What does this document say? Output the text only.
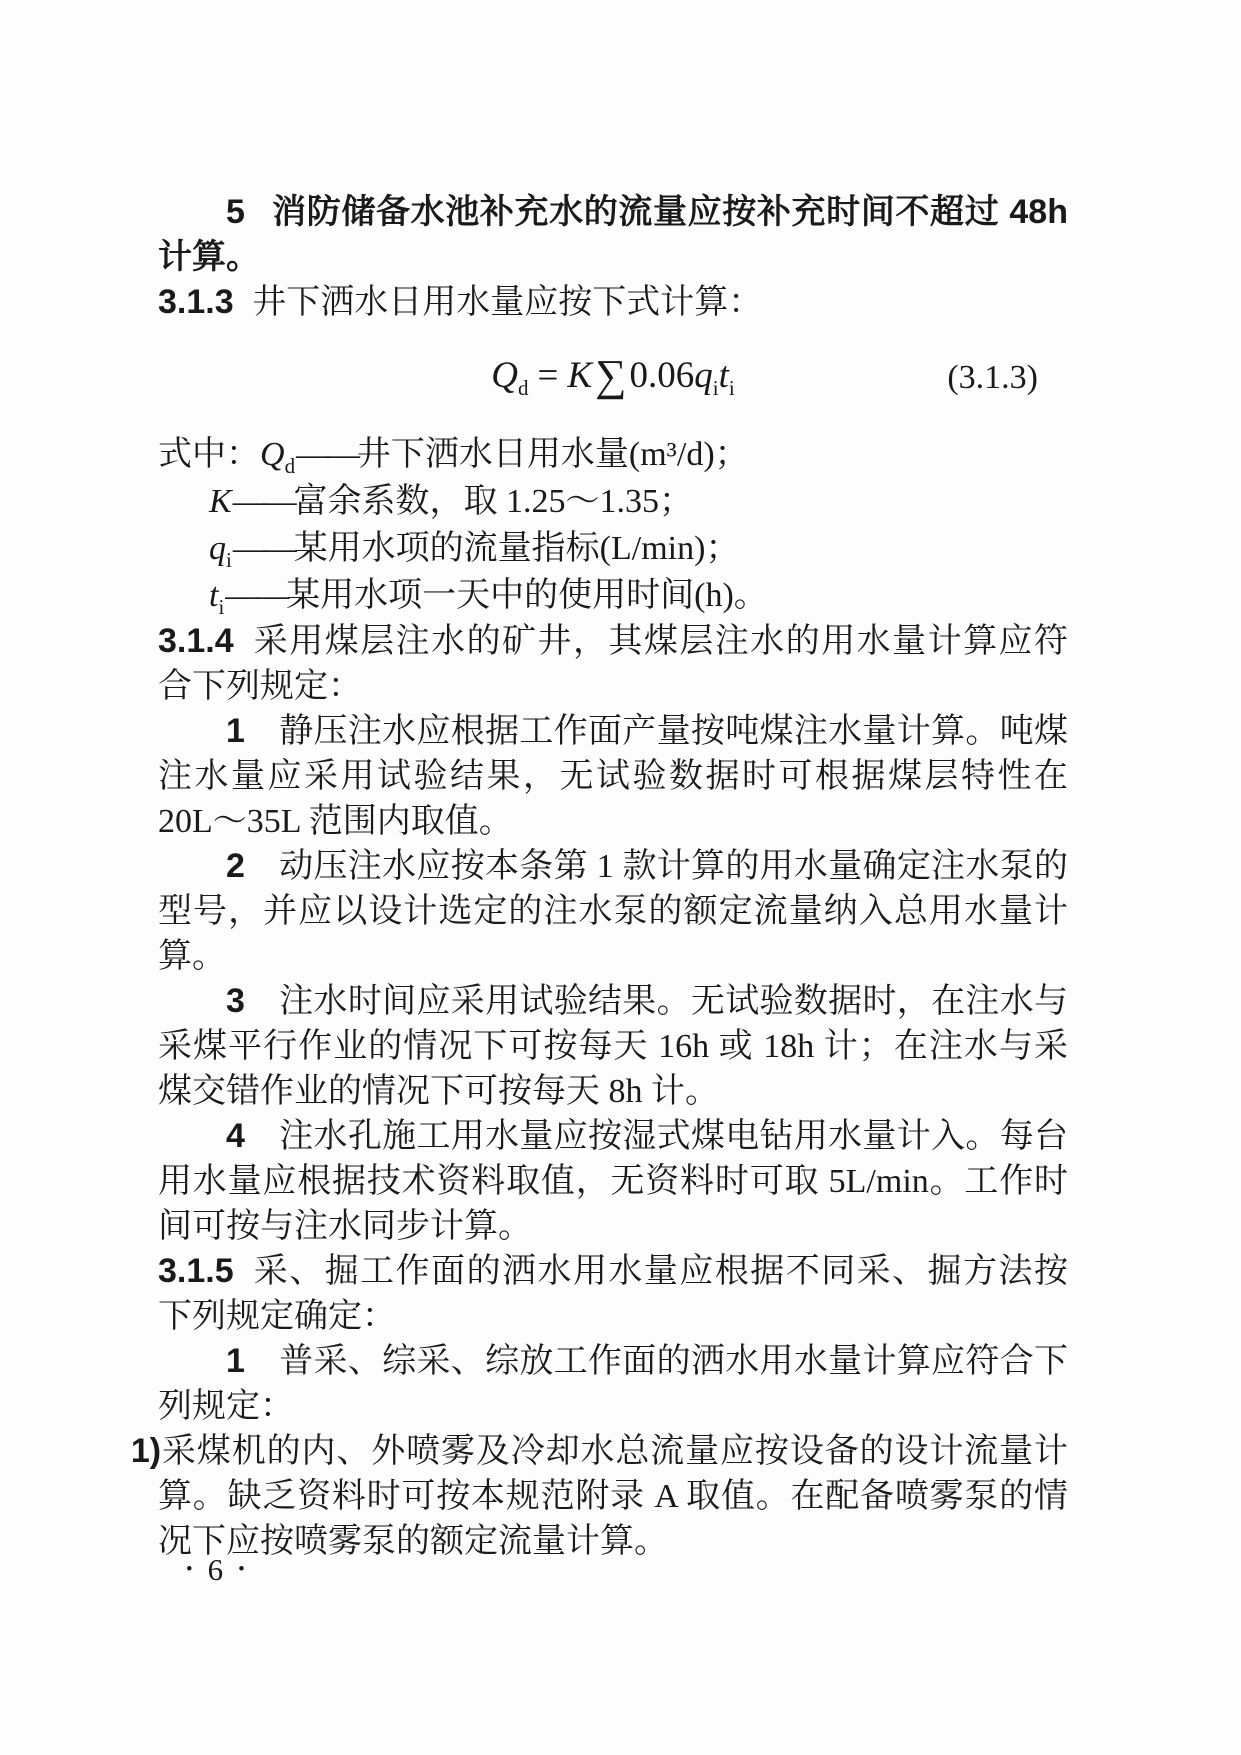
5 消防储备水池补充水的流量应按补充时间不超过 48h 计算。

3.1.3 井下洒水日用水量应按下式计算：

$Q_d = K\sum 0.06q_it_i$	(3.1.3)
式中：$Q_d——$井下洒水日用水量(m³/d)；
K——富余系数，取 1.25～1.35；
$q_i——$某用水项的流量指标(L/min)；
$t_i——$某用水项一天中的使用时间(h)。

3.1.4 采用煤层注水的矿井，其煤层注水的用水量计算应符合下列规定：

1 静压注水应根据工作面产量按吨煤注水量计算。吨煤注水量应采用试验结果，无试验数据时可根据煤层特性在 20L～35L 范围内取值。

2 动压注水应按本条第 1 款计算的用水量确定注水泵的型号，并应以设计选定的注水泵的额定流量纳入总用水量计算。

3 注水时间应采用试验结果。无试验数据时，在注水与采煤平行作业的情况下可按每天 16h 或 18h 计；在注水与采煤交错作业的情况下可按每天 8h 计。

4 注水孔施工用水量应按湿式煤电钻用水量计入。每台用水量应根据技术资料取值，无资料时可取 5L/min。工作时间可按与注水同步计算。

3.1.5 采、掘工作面的洒水用水量应根据不同采、掘方法按下列规定确定：

1 普采、综采、综放工作面的洒水用水量计算应符合下列规定：

1)采煤机的内、外喷雾及冷却水总流量应按设备的设计流量计算。缺乏资料时可按本规范附录 A 取值。在配备喷雾泵的情况下应按喷雾泵的额定流量计算。

• 6 •
